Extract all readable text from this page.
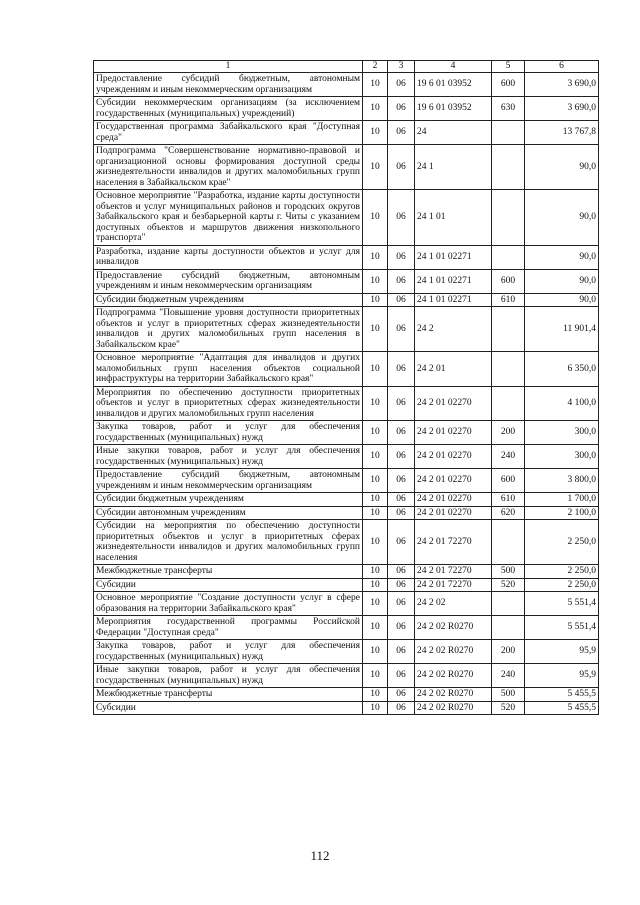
1	2	3	4	5	6
Предоставление субсидий бюджетным, автономным учреждениям и иным некоммерческим организациям	10	06	19 6 01 03952	600	3 690,0
Субсидии некоммерческим организациям (за исключением государственных (муниципальных) учреждений)	10	06	19 6 01 03952	630	3 690,0
Государственная программа Забайкальского края "Доступная среда"	10	06	24		13 767,8
Подпрограмма "Совершенствование нормативно-правовой и организационной основы формирования доступной среды жизнедеятельности инвалидов и других маломобильных групп населения в Забайкальском крае"	10	06	24 1		90,0
Основное мероприятие "Разработка, издание карты доступности объектов и услуг муниципальных районов и городских округов Забайкальского края и безбарьерной карты г. Читы с указанием доступных объектов и маршрутов движения низкопольного транспорта"	10	06	24 1 01		90,0
Разработка, издание карты доступности объектов и услуг для инвалидов	10	06	24 1 01 02271		90,0
Предоставление субсидий бюджетным, автономным учреждениям и иным некоммерческим организациям	10	06	24 1 01 02271	600	90,0
Субсидии бюджетным учреждениям	10	06	24 1 01 02271	610	90,0
Подпрограмма "Повышение уровня доступности приоритетных объектов и услуг в приоритетных сферах жизнедеятельности инвалидов и других маломобильных групп населения в Забайкальском крае"	10	06	24 2		11 901,4
Основное мероприятие "Адаптация для инвалидов и других маломобильных групп населения объектов социальной инфраструктуры на территории Забайкальского края"	10	06	24 2 01		6 350,0
Мероприятия по обеспечению доступности приоритетных объектов и услуг в приоритетных сферах жизнедеятельности инвалидов и других маломобильных групп населения	10	06	24 2 01 02270		4 100,0
Закупка товаров, работ и услуг для обеспечения государственных (муниципальных) нужд	10	06	24 2 01 02270	200	300,0
Иные закупки товаров, работ и услуг для обеспечения государственных (муниципальных) нужд	10	06	24 2 01 02270	240	300,0
Предоставление субсидий бюджетным, автономным учреждениям и иным некоммерческим организациям	10	06	24 2 01 02270	600	3 800,0
Субсидии бюджетным учреждениям	10	06	24 2 01 02270	610	1 700,0
Субсидии автономным учреждениям	10	06	24 2 01 02270	620	2 100,0
Субсидии на мероприятия по обеспечению доступности приоритетных объектов и услуг в приоритетных сферах жизнедеятельности инвалидов и других маломобильных групп населения	10	06	24 2 01 72270		2 250,0
Межбюджетные трансферты	10	06	24 2 01 72270	500	2 250,0
Субсидии	10	06	24 2 01 72270	520	2 250,0
Основное мероприятие "Создание доступности услуг в сфере образования на территории Забайкальского края"	10	06	24 2 02		5 551,4
Мероприятия государственной программы Российской Федерации "Доступная среда"	10	06	24 2 02 R0270		5 551,4
Закупка товаров, работ и услуг для обеспечения государственных (муниципальных) нужд	10	06	24 2 02 R0270	200	95,9
Иные закупки товаров, работ и услуг для обеспечения государственных (муниципальных) нужд	10	06	24 2 02 R0270	240	95,9
Межбюджетные трансферты	10	06	24 2 02 R0270	500	5 455,5
Субсидии	10	06	24 2 02 R0270	520	5 455,5
112
